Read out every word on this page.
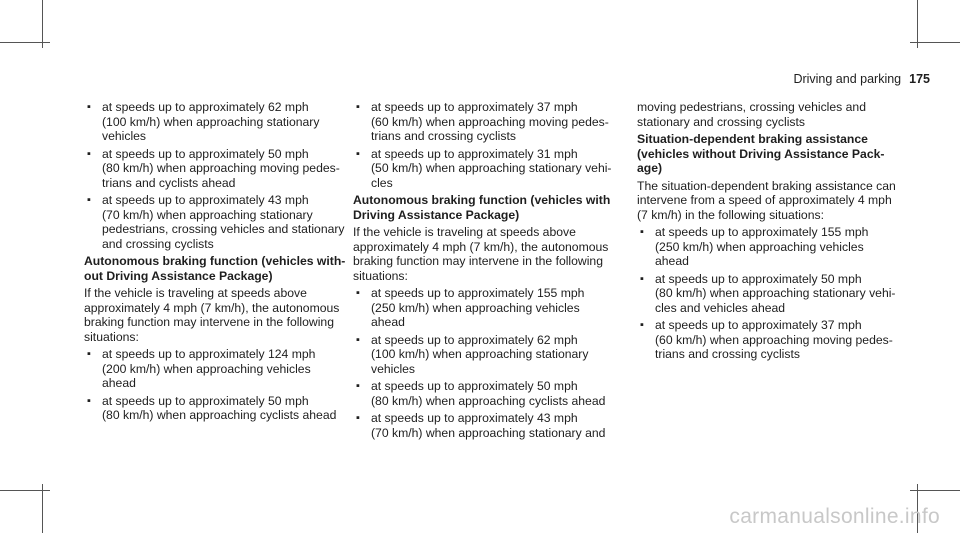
Driving and parking 175
▪ at speeds up to approximately 62 mph
(100 km/h) when approaching stationary
vehicles
▪ at speeds up to approximately 50 mph
(80 km/h) when approaching moving pedes-
trians and cyclists ahead
▪ at speeds up to approximately 43 mph
(70 km/h) when approaching stationary
pedestrians, crossing vehicles and stationary
and crossing cyclists
Autonomous braking function (vehicles with-
out Driving Assistance Package)
If the vehicle is traveling at speeds above
approximately 4 mph (7 km/h), the autonomous
braking function may intervene in the following
situations:
▪ at speeds up to approximately 124 mph
(200 km/h) when approaching vehicles
ahead
▪ at speeds up to approximately 50 mph
(80 km/h) when approaching cyclists ahead
▪ at speeds up to approximately 37 mph
(60 km/h) when approaching moving pedes-
trians and crossing cyclists
▪ at speeds up to approximately 31 mph
(50 km/h) when approaching stationary vehi-
cles
Autonomous braking function (vehicles with
Driving Assistance Package)
If the vehicle is traveling at speeds above
approximately 4 mph (7 km/h), the autonomous
braking function may intervene in the following
situations:
▪ at speeds up to approximately 155 mph
(250 km/h) when approaching vehicles
ahead
▪ at speeds up to approximately 62 mph
(100 km/h) when approaching stationary
vehicles
▪ at speeds up to approximately 50 mph
(80 km/h) when approaching cyclists ahead
▪ at speeds up to approximately 43 mph
(70 km/h) when approaching stationary and
moving pedestrians, crossing vehicles and
stationary and crossing cyclists
Situation-dependent braking assistance
(vehicles without Driving Assistance Pack-
age)
The situation-dependent braking assistance can
intervene from a speed of approximately 4 mph
(7 km/h) in the following situations:
▪ at speeds up to approximately 155 mph
(250 km/h) when approaching vehicles
ahead
▪ at speeds up to approximately 50 mph
(80 km/h) when approaching stationary vehi-
cles and vehicles ahead
▪ at speeds up to approximately 37 mph
(60 km/h) when approaching moving pedes-
trians and crossing cyclists
carmanualsonline.info
